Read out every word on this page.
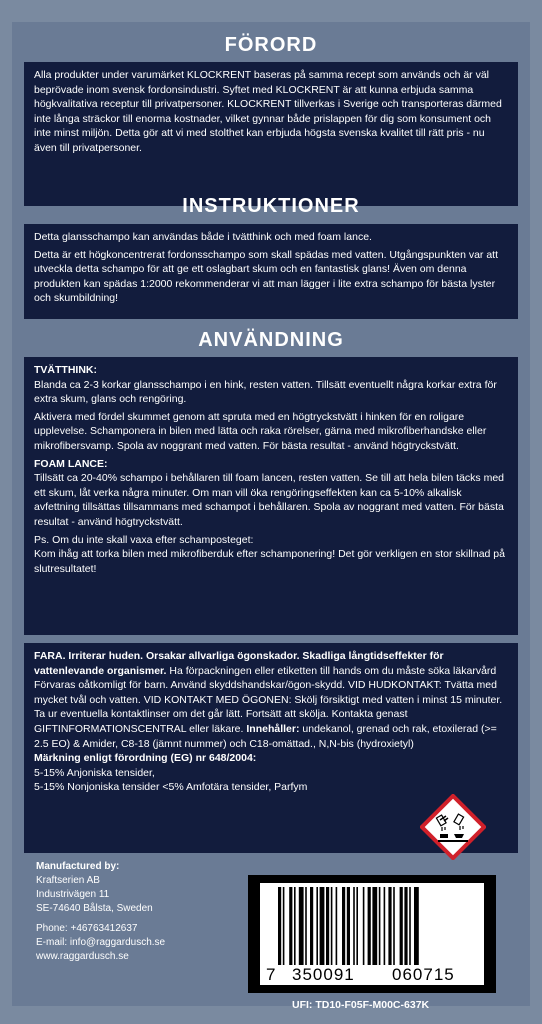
FÖRORD

Alla produkter under varumärket KLOCKRENT baseras på samma recept som används och är väl beprövade inom svensk fordonsindustri. Syftet med KLOCKRENT är att kunna erbjuda samma högkvalitativa receptur till privatpersoner. KLOCKRENT tillverkas i Sverige och transporteras därmed inte långa sträckor till enorma kostnader, vilket gynnar både prislappen för dig som konsument och inte minst miljön. Detta gör att vi med stolthet kan erbjuda högsta svenska kvalitet till rätt pris - nu även till privatpersoner.

INSTRUKTIONER

Detta glansschampo kan användas både i tvätthink och med foam lance.

Detta är ett högkoncentrerat fordonsschampo som skall spädas med vatten. Utgångspunkten var att utveckla detta schampo för att ge ett oslagbart skum och en fantastisk glans! Även om denna produkten kan spädas 1:2000 rekommenderar vi att man lägger i lite extra schampo för bästa lyster och skumbildning!

ANVÄNDNING

TVÄTTHINK:

Blanda ca 2-3 korkar glansschampo i en hink, resten vatten. Tillsätt eventuellt några korkar extra för extra skum, glans och rengöring.

Aktivera med fördel skummet genom att spruta med en högtryckstvätt i hinken för en roligare upplevelse. Schamponera in bilen med lätta och raka rörelser, gärna med mikrofiberhandske eller mikrofibersvamp. Spola av noggrant med vatten. För bästa resultat - använd högtryckstvätt.

FOAM LANCE:

Tillsätt ca 20-40% schampo i behållaren till foam lancen, resten vatten. Se till att hela bilen täcks med ett skum, låt verka några minuter. Om man vill öka rengöringseffekten kan ca 5-10% alkalisk avfettning tillsättas tillsammans med schampot i behållaren. Spola av noggrant med vatten. För bästa resultat - använd högtryckstvätt.

Ps. Om du inte skall vaxa efter schamposteget:

Kom ihåg att torka bilen med mikrofiberduk efter schamponering! Det gör verkligen en stor skillnad på slutresultatet!

FARA. Irriterar huden. Orsakar allvarliga ögonskador. Skadliga långtidseffekter för vattenlevande organismer. Ha förpackningen eller etiketten till hands om du måste söka läkarvård Förvaras oåtkomligt för barn. Använd skyddshandskar/ögon-skydd. VID HUDKONTAKT: Tvätta med mycket tvål och vatten. VID KONTAKT MED ÖGONEN: Skölj försiktigt med vatten i minst 15 minuter. Ta ur eventuella kontaktlinser om det går lätt. Fortsätt att skölja. Kontakta genast GIFTINFORMATIONSCENTRAL eller läkare. Innehåller: undekanol, grenad och rak, etoxilerad (>= 2.5 EO) & Amider, C8-18 (jämnt nummer) och C18-omättad., N,N-bis (hydroxietyl)

Märkning enligt förordning (EG) nr 648/2004:

5-15% Anjoniska tensider,

5-15% Nonjoniska tensider <5% Amfotära tensider, Parfym

Manufactured by:
Kraftserien AB
Industrivägen 11
SE-74640 Bålsta, Sweden
Phone: +46763412637
E-mail: info@raggardusch.se
www.raggardusch.se
7 350091 060715
UFI: TD10-F05F-M00C-637K
